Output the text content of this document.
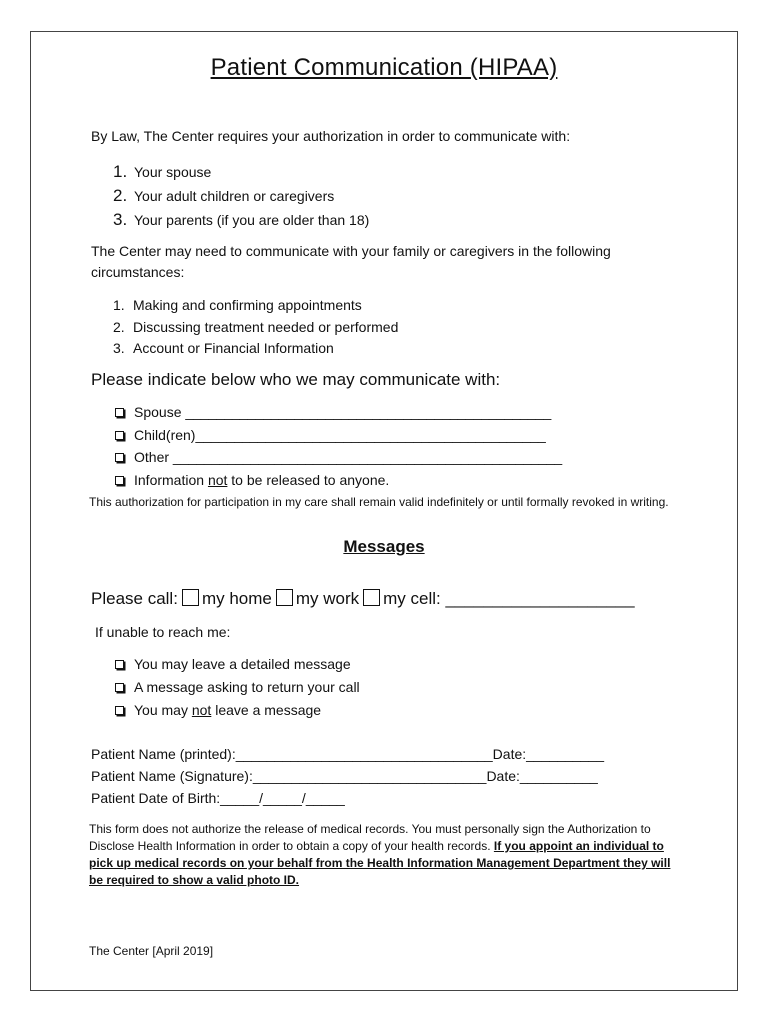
Patient Communication (HIPAA)
By Law, The Center requires your authorization in order to communicate with:
1. Your spouse
2. Your adult children or caregivers
3. Your parents (if you are older than 18)
The Center may need to communicate with your family or caregivers in the following circumstances:
1. Making and confirming appointments
2. Discussing treatment needed or performed
3. Account or Financial Information
Please indicate below who we may communicate with:
Spouse _______________________________________________
Child(ren)_____________________________________________
Other __________________________________________________
Information not to be released to anyone.
This authorization for participation in my care shall remain valid indefinitely or until formally revoked in writing.
Messages
Please call: my home my work my cell: ____________________
If unable to reach me:
You may leave a detailed message
A message asking to return your call
You may not leave a message
Patient Name (printed):_________________________________Date:__________
Patient Name (Signature):______________________________Date:__________
Patient Date of Birth:_____/_____/_____
This form does not authorize the release of medical records. You must personally sign the Authorization to Disclose Health Information in order to obtain a copy of your health records. If you appoint an individual to pick up medical records on your behalf from the Health Information Management Department they will be required to show a valid photo ID.
The Center [April 2019]
